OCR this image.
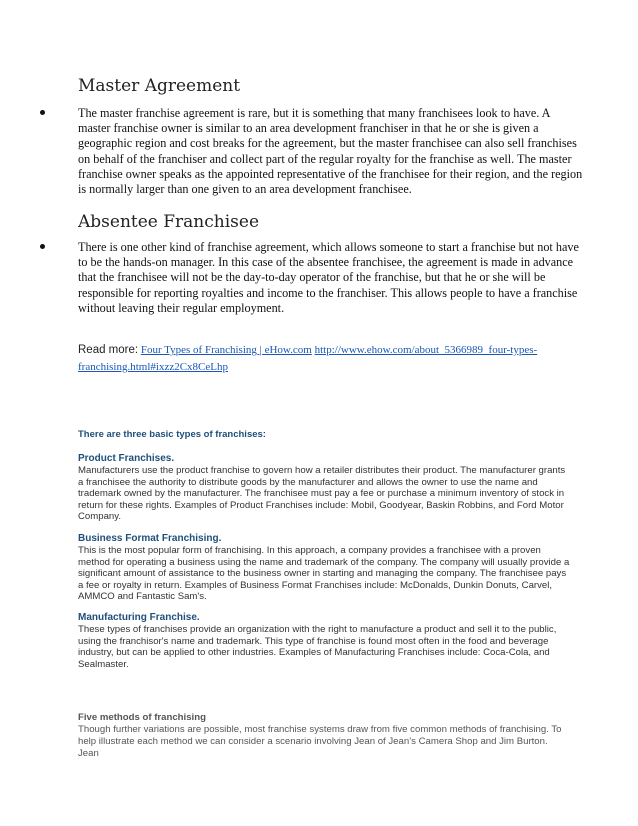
Master Agreement
The master franchise agreement is rare, but it is something that many franchisees look to have. A master franchise owner is similar to an area development franchiser in that he or she is given a geographic region and cost breaks for the agreement, but the master franchisee can also sell franchises on behalf of the franchiser and collect part of the regular royalty for the franchise as well. The master franchise owner speaks as the appointed representative of the franchisee for their region, and the region is normally larger than one given to an area development franchisee.
Absentee Franchisee
There is one other kind of franchise agreement, which allows someone to start a franchise but not have to be the hands-on manager. In this case of the absentee franchisee, the agreement is made in advance that the franchisee will not be the day-to-day operator of the franchise, but that he or she will be responsible for reporting royalties and income to the franchiser. This allows people to have a franchise without leaving their regular employment.
Read more: Four Types of Franchising | eHow.com http://www.ehow.com/about_5366989_four-types-franchising.html#ixzz2Cx8CeLhp
There are three basic types of franchises:
Product Franchises.
Manufacturers use the product franchise to govern how a retailer distributes their product. The manufacturer grants a franchisee the authority to distribute goods by the manufacturer and allows the owner to use the name and trademark owned by the manufacturer. The franchisee must pay a fee or purchase a minimum inventory of stock in return for these rights. Examples of Product Franchises include: Mobil, Goodyear, Baskin Robbins, and Ford Motor Company.
Business Format Franchising.
This is the most popular form of franchising. In this approach, a company provides a franchisee with a proven method for operating a business using the name and trademark of the company. The company will usually provide a significant amount of assistance to the business owner in starting and managing the company. The franchisee pays a fee or royalty in return. Examples of Business Format Franchises include: McDonalds, Dunkin Donuts, Carvel, AMMCO and Fantastic Sam's.
Manufacturing Franchise.
These types of franchises provide an organization with the right to manufacture a product and sell it to the public, using the franchisor's name and trademark. This type of franchise is found most often in the food and beverage industry, but can be applied to other industries. Examples of Manufacturing Franchises include: Coca-Cola, and Sealmaster.
Five methods of franchising
Though further variations are possible, most franchise systems draw from five common methods of franchising. To help illustrate each method we can consider a scenario involving Jean of Jean’s Camera Shop and Jim Burton. Jean
